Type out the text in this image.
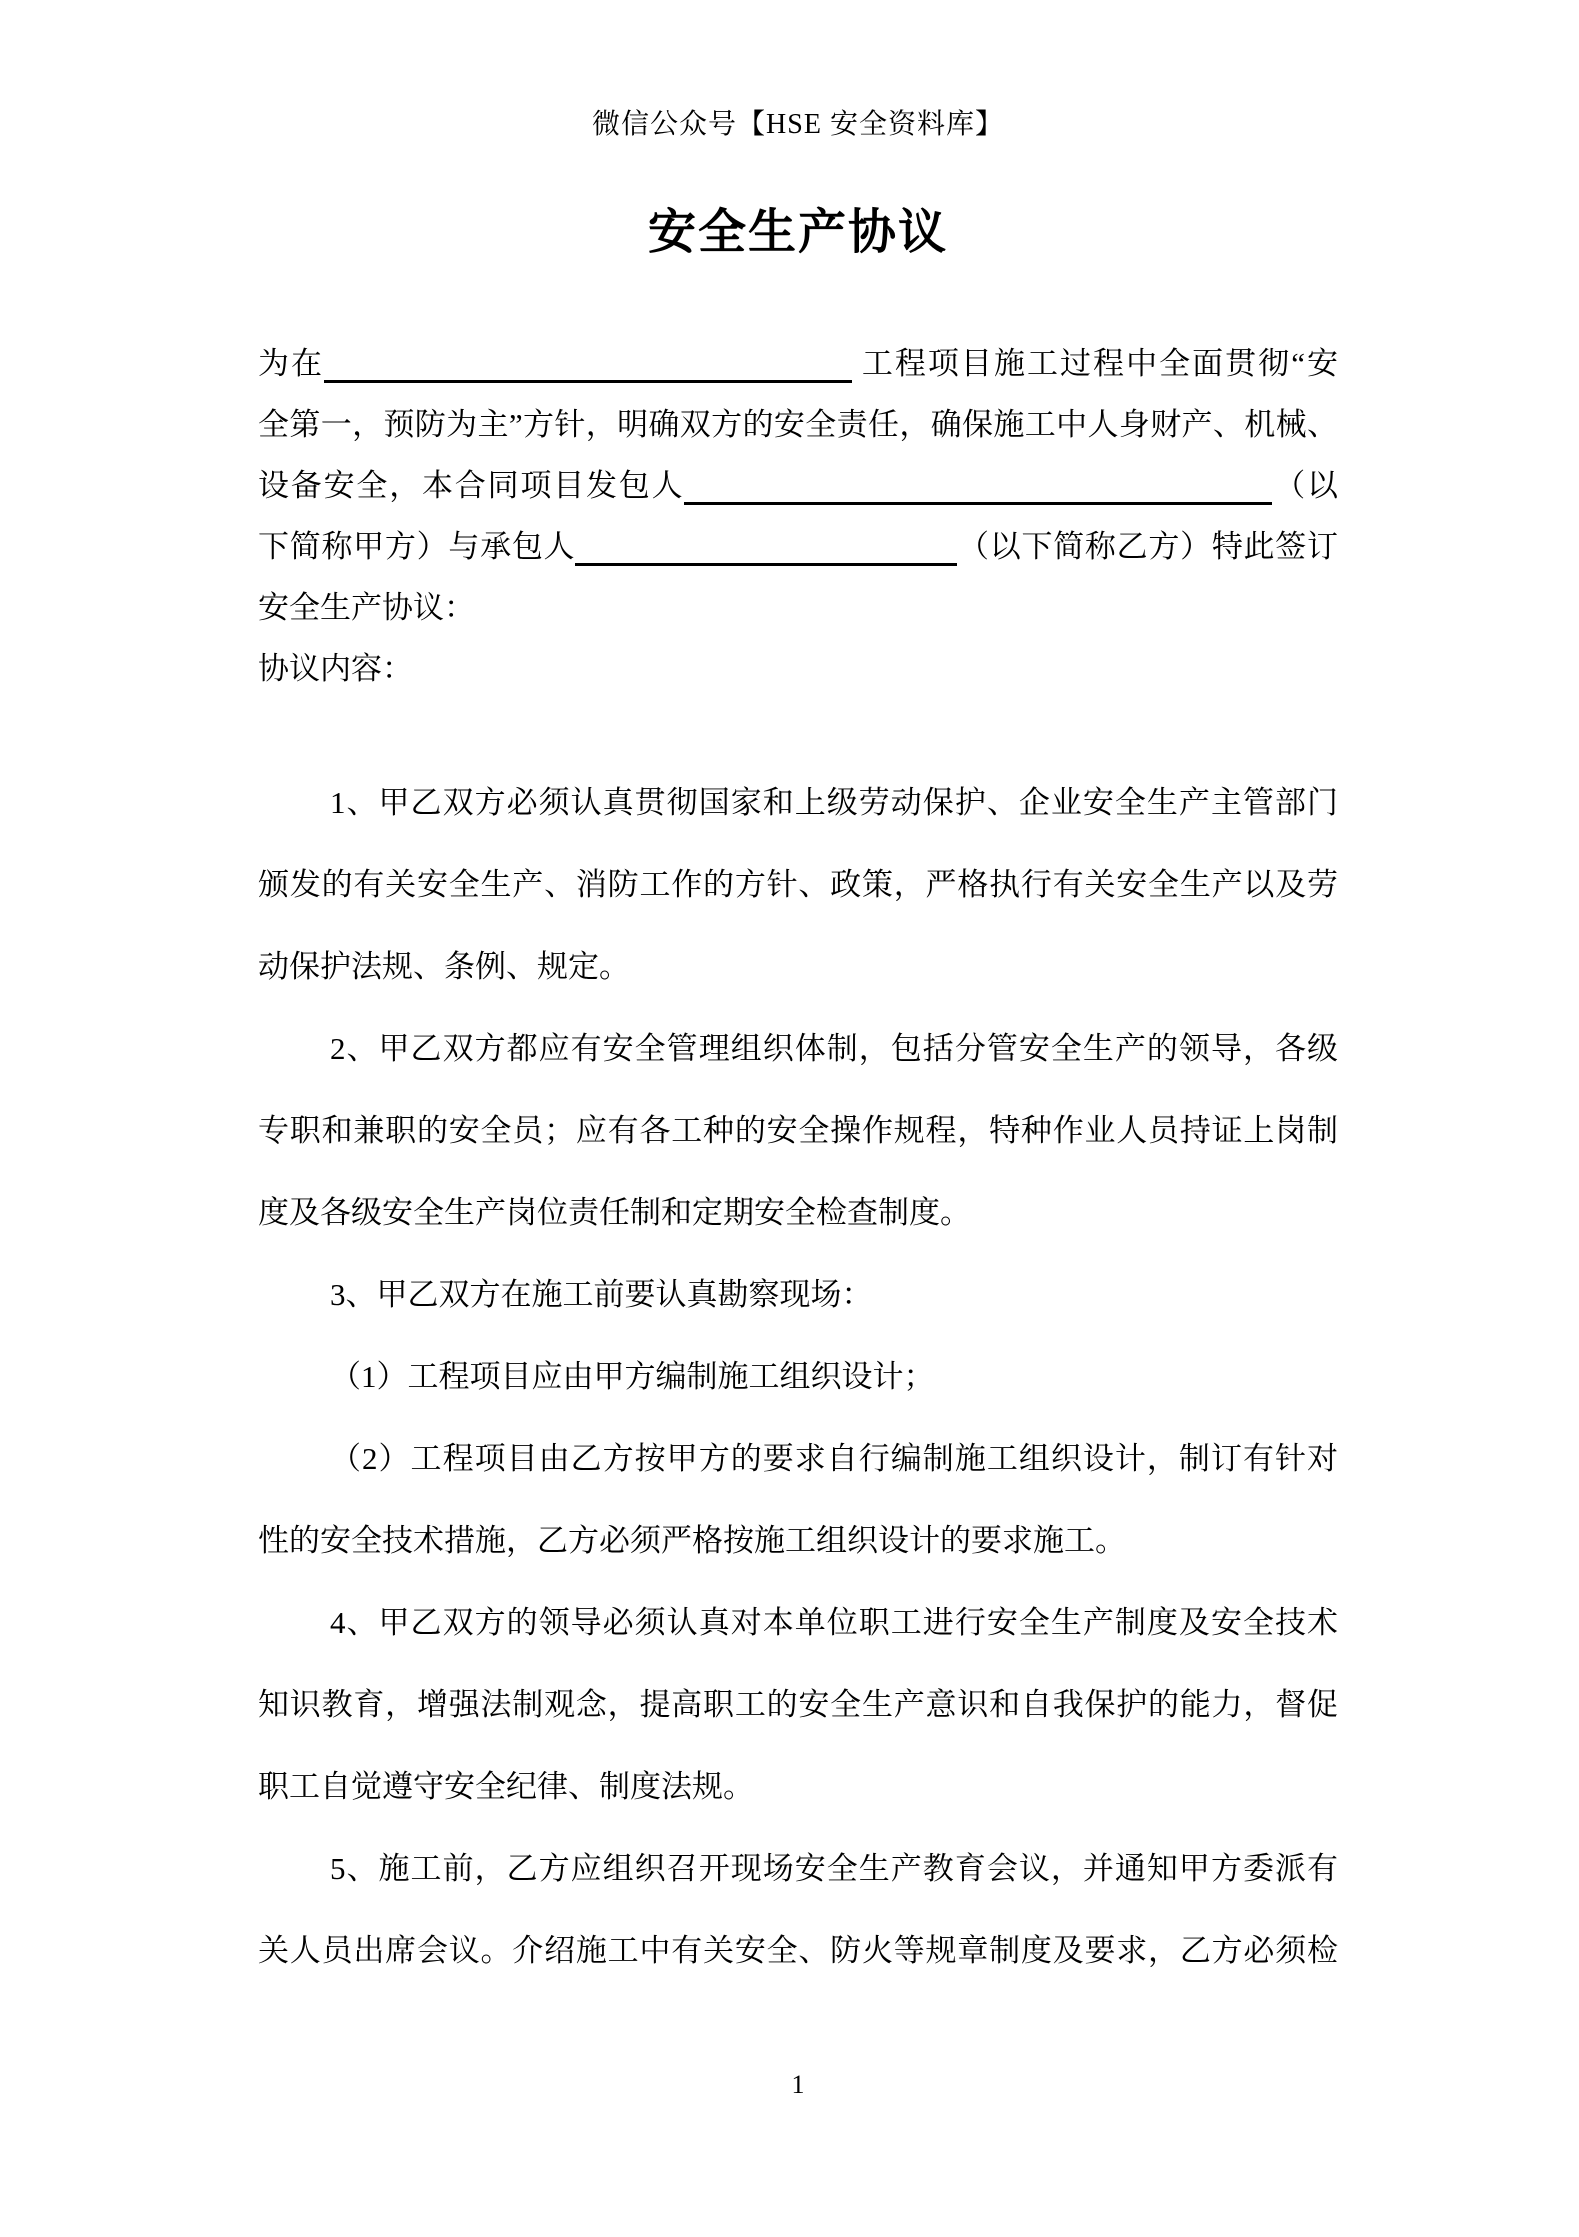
微信公众号【HSE 安全资料库】
安全生产协议
为在	工程项目施工过程中全面贯彻“安
全第一，预防为主”方针，明确双方的安全责任，确保施工中人身财产、机械、
设备安全，本合同项目发包人	（以
下简称甲方）与承包人	（以下简称乙方）特此签订
安全生产协议：
协议内容：
1、甲乙双方必须认真贯彻国家和上级劳动保护、企业安全生产主管部门
颁发的有关安全生产、消防工作的方针、政策，严格执行有关安全生产以及劳
动保护法规、条例、规定。
2、甲乙双方都应有安全管理组织体制，包括分管安全生产的领导，各级
专职和兼职的安全员；应有各工种的安全操作规程，特种作业人员持证上岗制
度及各级安全生产岗位责任制和定期安全检查制度。
3、甲乙双方在施工前要认真勘察现场：
（1）工程项目应由甲方编制施工组织设计；
（2）工程项目由乙方按甲方的要求自行编制施工组织设计，制订有针对
性的安全技术措施，乙方必须严格按施工组织设计的要求施工。
4、甲乙双方的领导必须认真对本单位职工进行安全生产制度及安全技术
知识教育，增强法制观念，提高职工的安全生产意识和自我保护的能力，督促
职工自觉遵守安全纪律、制度法规。
5、施工前，乙方应组织召开现场安全生产教育会议，并通知甲方委派有
关人员出席会议。介绍施工中有关安全、防火等规章制度及要求，乙方必须检
1
